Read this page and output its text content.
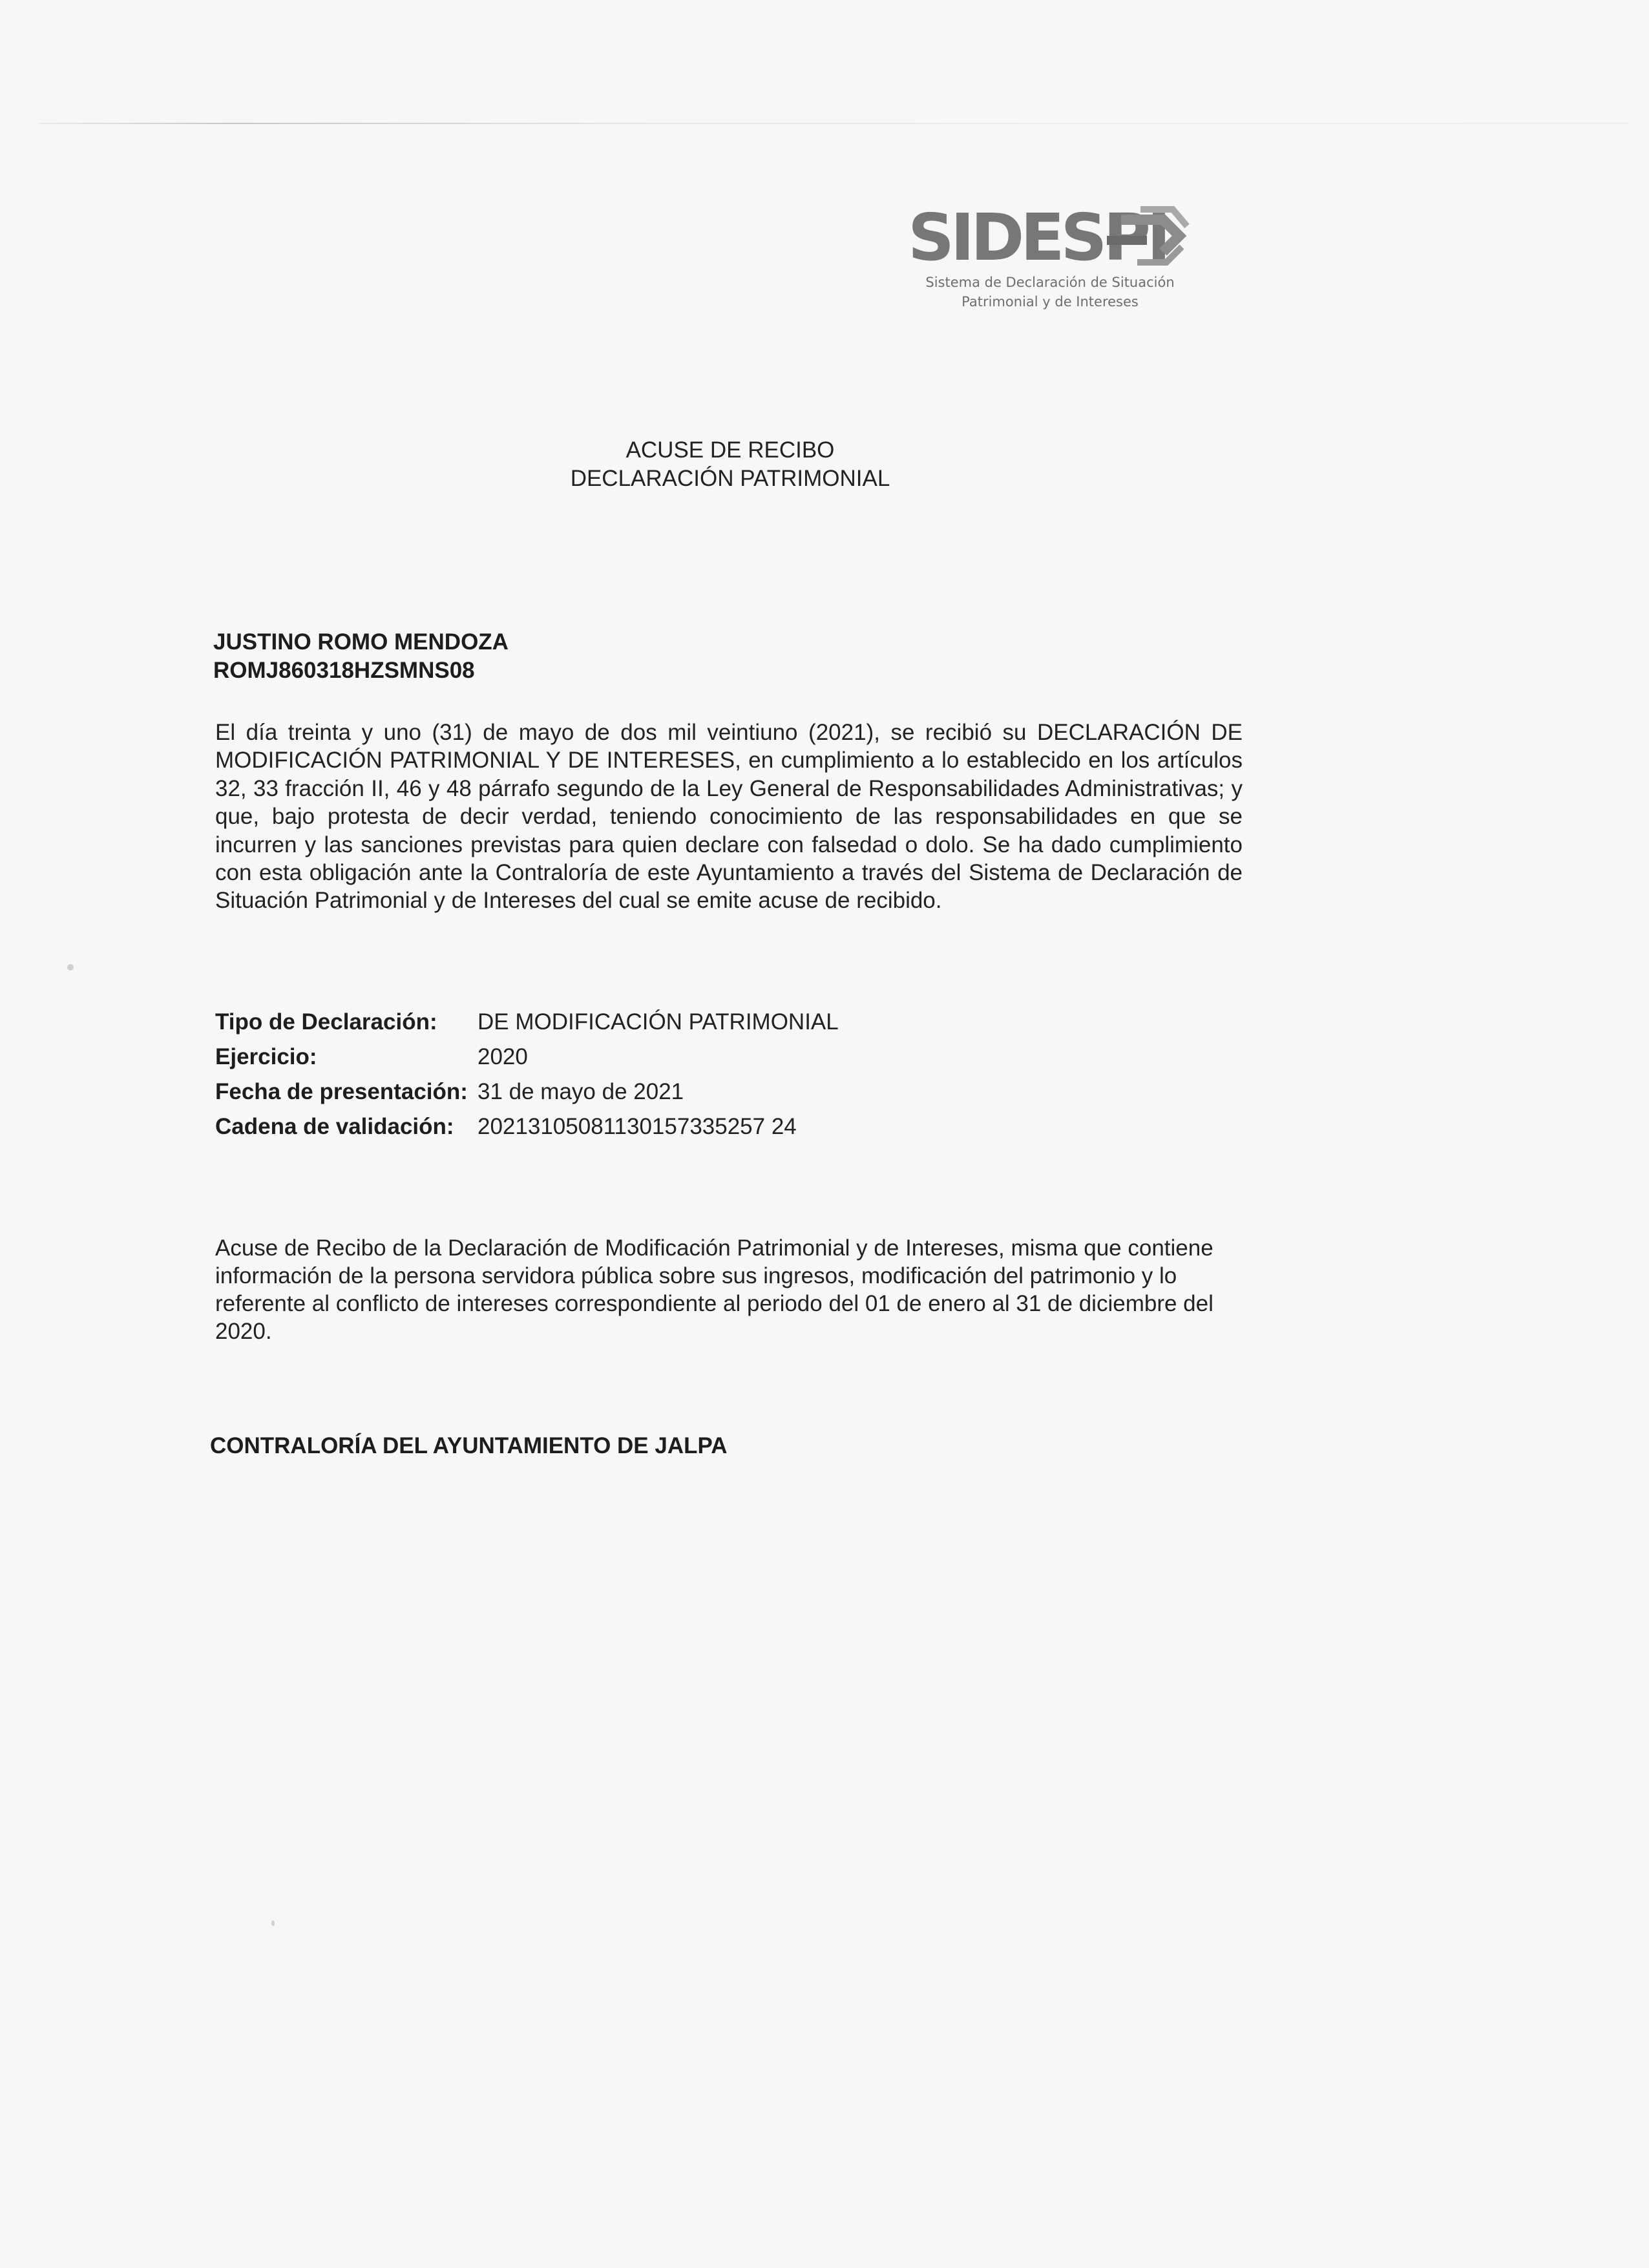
SIDESPI
Sistema de Declaración de Situación
Patrimonial y de Intereses
ACUSE DE RECIBO
DECLARACIÓN PATRIMONIAL
JUSTINO ROMO MENDOZA
ROMJ860318HZSMNS08
El día treinta y uno (31) de mayo de dos mil veintiuno (2021), se recibió su DECLARACIÓN DE MODIFICACIÓN PATRIMONIAL Y DE INTERESES, en cumplimiento a lo establecido en los artículos 32, 33 fracción II, 46 y 48 párrafo segundo de la Ley General de Responsabilidades Administrativas; y que, bajo protesta de decir verdad, teniendo conocimiento de las responsabilidades en que se incurren y las sanciones previstas para quien declare con falsedad o dolo. Se ha dado cumplimiento con esta obligación ante la Contraloría de este Ayuntamiento a través del Sistema de Declaración de Situación Patrimonial y de Intereses del cual se emite acuse de recibido.
Tipo de Declaración:	DE MODIFICACIÓN PATRIMONIAL
Ejercicio:	2020
Fecha de presentación:	31 de mayo de 2021
Cadena de validación:	20213105081130157335257 24
Acuse de Recibo de la Declaración de Modificación Patrimonial y de Intereses, misma que contiene información de la persona servidora pública sobre sus ingresos, modificación del patrimonio y lo referente al conflicto de intereses correspondiente al periodo del 01 de enero al 31 de diciembre del 2020.
CONTRALORÍA DEL AYUNTAMIENTO DE JALPA
